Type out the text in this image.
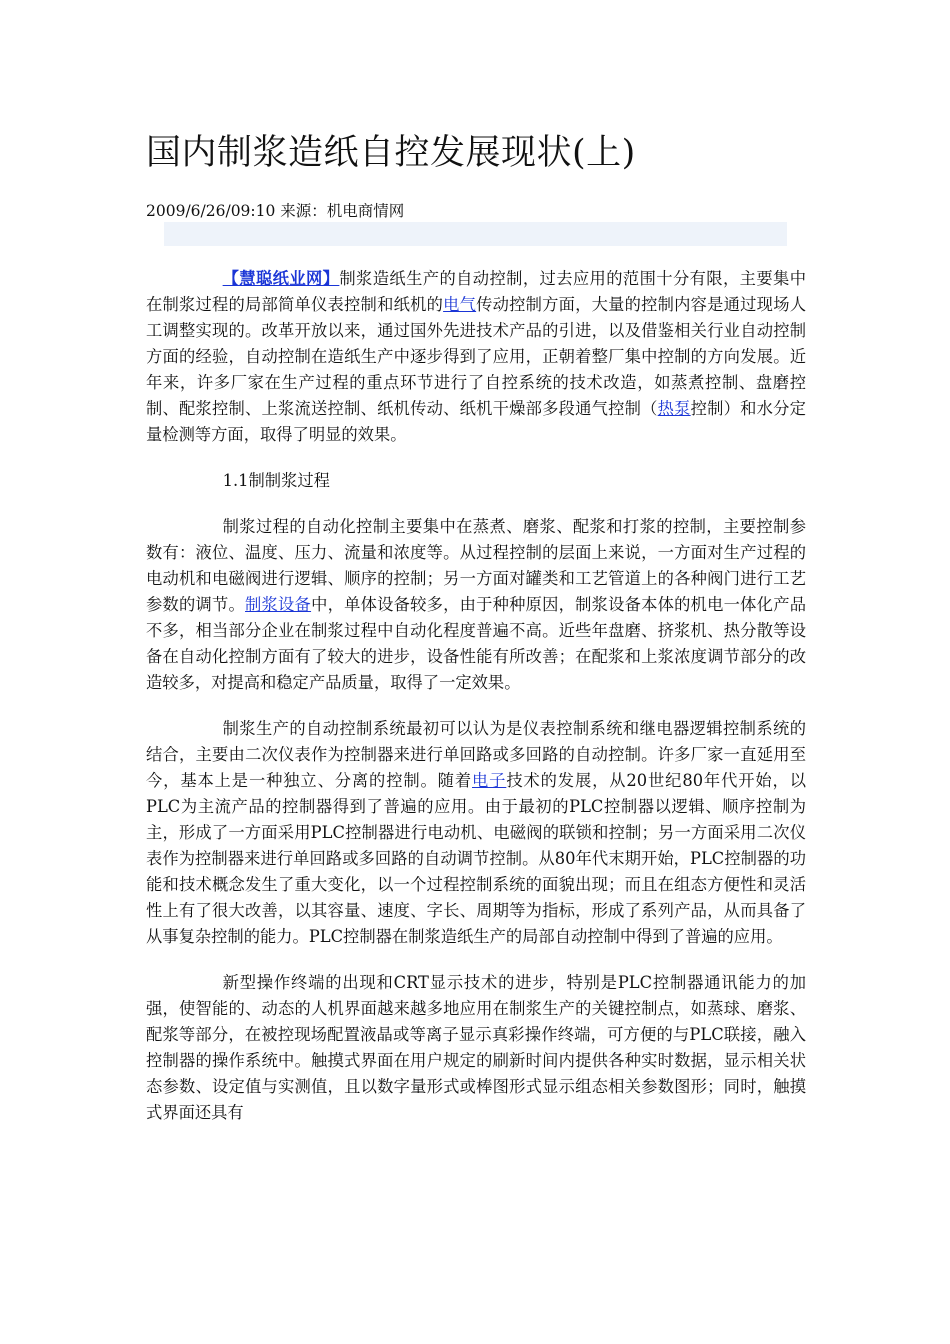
国内制浆造纸自控发展现状(上)
2009/6/26/09:10 来源：机电商情网

【慧聪纸业网】制浆造纸生产的自动控制，过去应用的范围十分有限，主要集中在制浆过程的局部简单仪表控制和纸机的电气传动控制方面，大量的控制内容是通过现场人工调整实现的。改革开放以来，通过国外先进技术产品的引进，以及借鉴相关行业自动控制方面的经验，自动控制在造纸生产中逐步得到了应用，正朝着整厂集中控制的方向发展。近年来，许多厂家在生产过程的重点环节进行了自控系统的技术改造，如蒸煮控制、盘磨控制、配浆控制、上浆流送控制、纸机传动、纸机干燥部多段通气控制（热泵控制）和水分定量检测等方面，取得了明显的效果。

1.1制制浆过程

制浆过程的自动化控制主要集中在蒸煮、磨浆、配浆和打浆的控制，主要控制参数有：液位、温度、压力、流量和浓度等。从过程控制的层面上来说，一方面对生产过程的电动机和电磁阀进行逻辑、顺序的控制；另一方面对罐类和工艺管道上的各种阀门进行工艺参数的调节。制浆设备中，单体设备较多，由于种种原因，制浆设备本体的机电一体化产品不多，相当部分企业在制浆过程中自动化程度普遍不高。近些年盘磨、挤浆机、热分散等设备在自动化控制方面有了较大的进步，设备性能有所改善；在配浆和上浆浓度调节部分的改造较多，对提高和稳定产品质量，取得了一定效果。

制浆生产的自动控制系统最初可以认为是仪表控制系统和继电器逻辑控制系统的结合，主要由二次仪表作为控制器来进行单回路或多回路的自动控制。许多厂家一直延用至今，基本上是一种独立、分离的控制。随着电子技术的发展，从20世纪80年代开始，以PLC为主流产品的控制器得到了普遍的应用。由于最初的PLC控制器以逻辑、顺序控制为主，形成了一方面采用PLC控制器进行电动机、电磁阀的联锁和控制；另一方面采用二次仪表作为控制器来进行单回路或多回路的自动调节控制。从80年代末期开始，PLC控制器的功能和技术概念发生了重大变化，以一个过程控制系统的面貌出现；而且在组态方便性和灵活性上有了很大改善，以其容量、速度、字长、周期等为指标，形成了系列产品，从而具备了从事复杂控制的能力。PLC控制器在制浆造纸生产的局部自动控制中得到了普遍的应用。

新型操作终端的出现和CRT显示技术的进步，特别是PLC控制器通讯能力的加强，使智能的、动态的人机界面越来越多地应用在制浆生产的关键控制点，如蒸球、磨浆、配浆等部分，在被控现场配置液晶或等离子显示真彩操作终端，可方便的与PLC联接，融入控制器的操作系统中。触摸式界面在用户规定的刷新时间内提供各种实时数据，显示相关状态参数、设定值与实测值，且以数字量形式或棒图形式显示组态相关参数图形；同时，触摸式界面还具有
